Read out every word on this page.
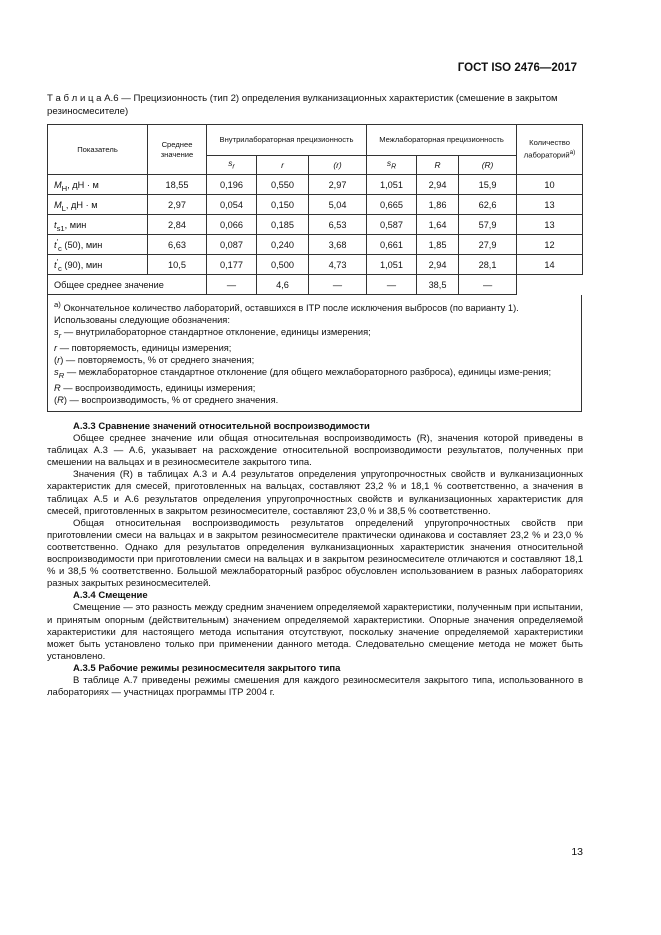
ГОСТ ISO 2476—2017
Т а б л и ц а А.6 — Прецизионность (тип 2) определения вулканизационных характеристик (смешение в закрытом резиносмесителе)
Показатель	Среднее значение	Внутрилабораторная прецизионность			Межлабораторная прецизионность			Количество лабораторий$^{а)}$
		$s_r$	r	(r)	$s_R$	R	(R)	
$M_H$, дН · м	18,55	0,196	0,550	2,97	1,051	2,94	15,9	10
$M_L$, дН · м	2,97	0,054	0,150	5,04	0,665	1,86	62,6	13
$t_{s1}$, мин	2,84	0,066	0,185	6,53	0,587	1,64	57,9	13
$t'_c$ (50), мин	6,63	0,087	0,240	3,68	0,661	1,85	27,9	12
$t'_c$ (90), мин	10,5	0,177	0,500	4,73	1,051	2,94	28,1	14
Общее среднее значение		—	4,6	—	—	38,5	—	

$^{а)}$ Окончательное количество лабораторий, оставшихся в ITP после исключения выбросов (по варианту 1).

Использованы следующие обозначения:

$s_r$ — внутрилабораторное стандартное отклонение, единицы измерения;

r — повторяемость, единицы измерения;

(r) — повторяемость, % от среднего значения;

$s_R$ — межлабораторное стандартное отклонение (для общего межлабораторного разброса), единицы изме-рения;

R — воспроизводимость, единицы измерения;

(R) — воспроизводимость, % от среднего значения.

А.3.3 Сравнение значений относительной воспроизводимости

Общее среднее значение или общая относительная воспроизводимость (R), значения которой приведены в таблицах А.3 — А.6, указывает на расхождение относительной воспроизводимости результатов, полученных при смешении на вальцах и в резиносмесителе закрытого типа.

Значения (R) в таблицах А.3 и А.4 результатов определения упругопрочностных свойств и вулканизационных характеристик для смесей, приготовленных на вальцах, составляют 23,2 % и 18,1 % соответственно, а значения в таблицах А.5 и А.6 результатов определения упругопрочностных свойств и вулканизационных характеристик для смесей, приготовленных в закрытом резиносмесителе, составляют 23,0 % и 38,5 % соответственно.

Общая относительная воспроизводимость результатов определений упругопрочностных свойств при приготовлении смеси на вальцах и в закрытом резиносмесителе практически одинакова и составляет 23,2 % и 23,0 % соответственно. Однако для результатов определения вулканизационных характеристик значения относительной воспроизводимости при приготовлении смеси на вальцах и в закрытом резиносмесителе отличаются и составляют 18,1 % и 38,5 % соответственно. Большой межлабораторный разброс обусловлен использованием в разных лабораториях разных закрытых резиносмесителей.

А.3.4 Смещение

Смещение — это разность между средним значением определяемой характеристики, полученным при испытании, и принятым опорным (действительным) значением определяемой характеристики. Опорные значения определяемой характеристики для настоящего метода испытания отсутствуют, поскольку значение определяемой характеристики может быть установлено только при применении данного метода. Следовательно смещение метода не может быть установлено.

А.3.5 Рабочие режимы резиносмесителя закрытого типа

В таблице А.7 приведены режимы смешения для каждого резиносмесителя закрытого типа, использованного в лабораториях — участницах программы ITP 2004 г.

13
